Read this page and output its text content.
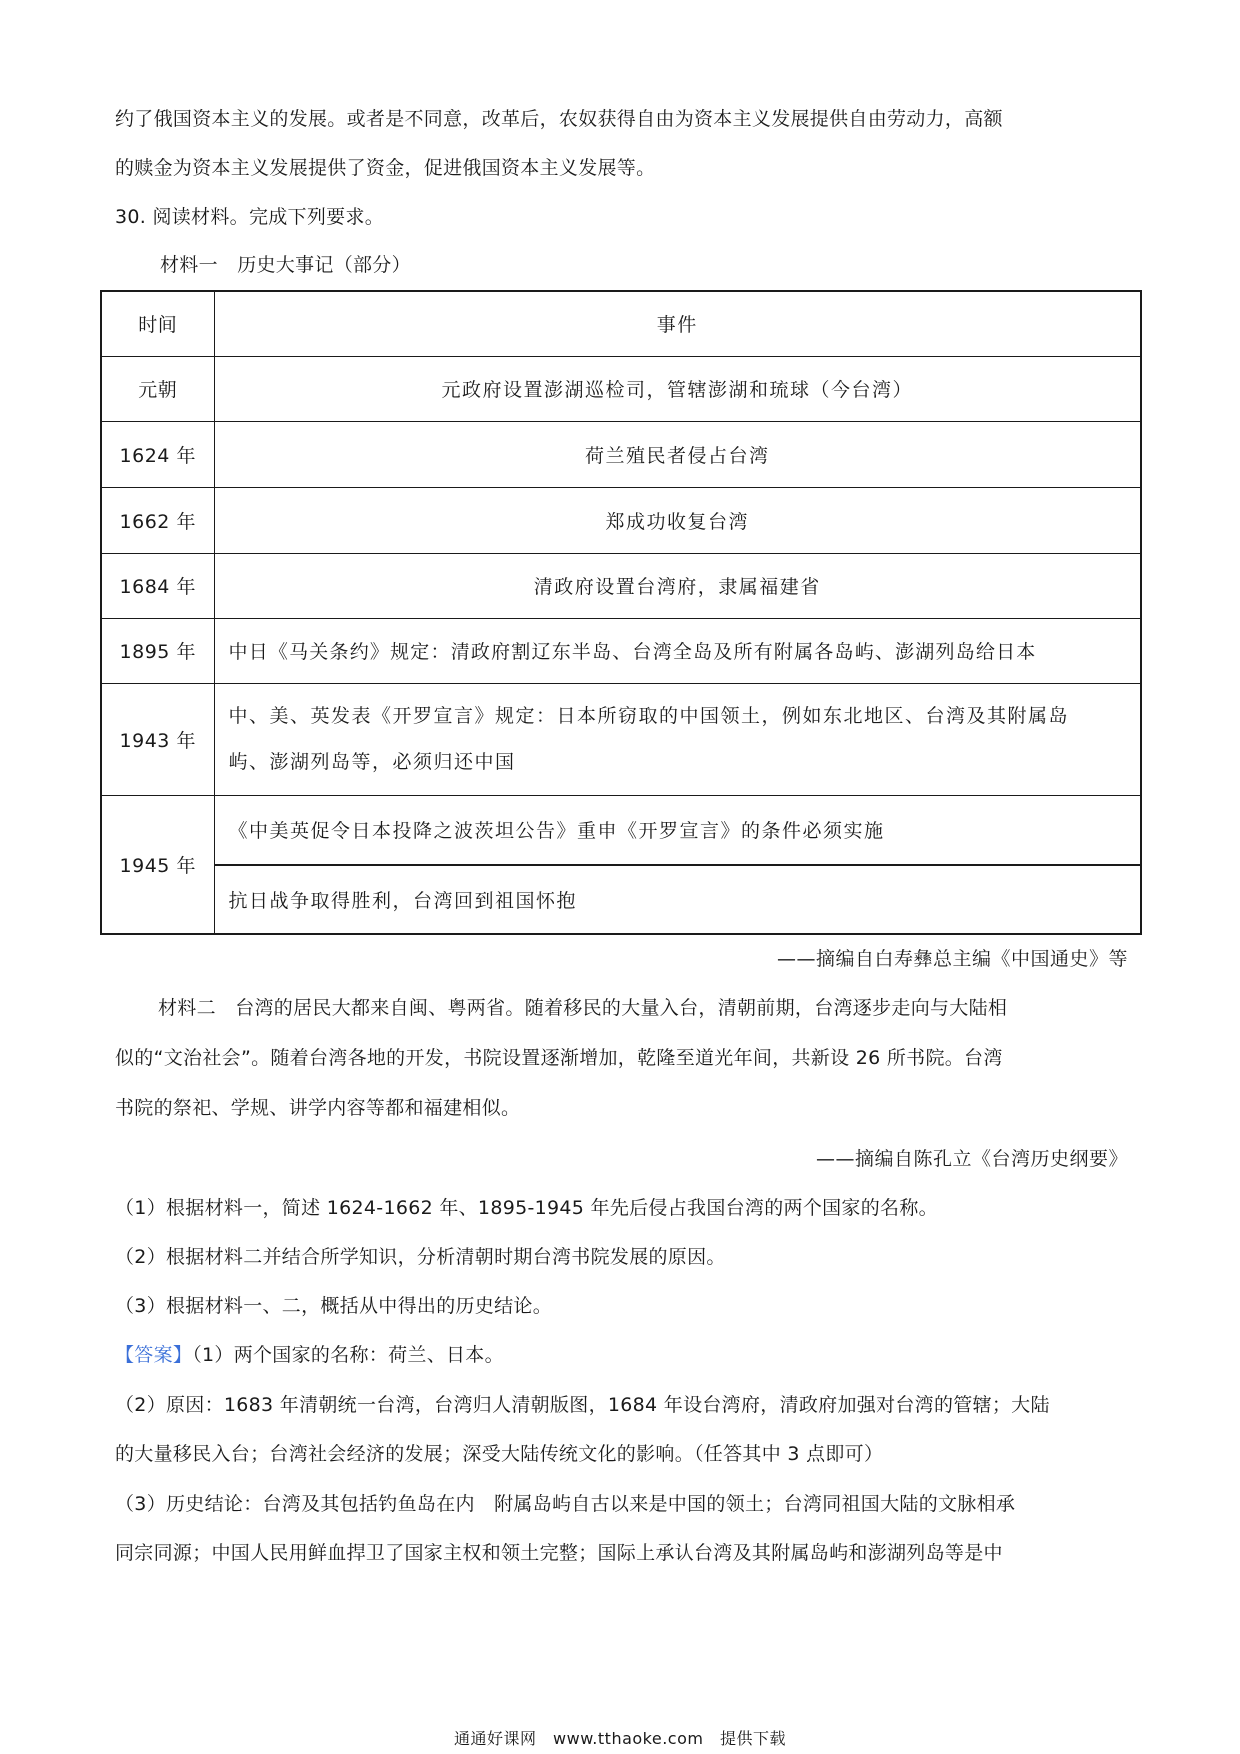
约了俄国资本主义的发展。或者是不同意，改革后，农奴获得自由为资本主义发展提供自由劳动力，高额
的赎金为资本主义发展提供了资金，促进俄国资本主义发展等。
30. 阅读材料。完成下列要求。
材料一　历史大事记（部分）
时间	事件
元朝	元政府设置澎湖巡检司，管辖澎湖和琉球（今台湾）
1624 年	荷兰殖民者侵占台湾
1662 年	郑成功收复台湾
1684 年	清政府设置台湾府，隶属福建省
1895 年	中日《马关条约》规定：清政府割辽东半岛、台湾全岛及所有附属各岛屿、澎湖列岛给日本
1943 年	中、美、英发表《开罗宣言》规定：日本所窃取的中国领土，例如东北地区、台湾及其附属岛
屿、澎湖列岛等，必须归还中国

1945 年	《中美英促令日本投降之波茨坦公告》重申《开罗宣言》的条件必须实施
	抗日战争取得胜利，台湾回到祖国怀抱
——摘编自白寿彝总主编《中国通史》等
材料二　台湾的居民大都来自闽、粤两省。随着移民的大量入台，清朝前期，台湾逐步走向与大陆相
似的“文治社会”。随着台湾各地的开发，书院设置逐渐增加，乾隆至道光年间，共新设 26 所书院。台湾
书院的祭祀、学规、讲学内容等都和福建相似。
——摘编自陈孔立《台湾历史纲要》
（1）根据材料一，简述 1624-1662 年、1895-1945 年先后侵占我国台湾的两个国家的名称。
（2）根据材料二并结合所学知识，分析清朝时期台湾书院发展的原因。
（3）根据材料一、二，概括从中得出的历史结论。
【答案】（1）两个国家的名称：荷兰、日本。
（2）原因：1683 年清朝统一台湾，台湾归人清朝版图，1684 年设台湾府，清政府加强对台湾的管辖；大陆
的大量移民入台；台湾社会经济的发展；深受大陆传统文化的影响。（任答其中 3 点即可）
（3）历史结论：台湾及其包括钓鱼岛在内　附属岛屿自古以来是中国的领土；台湾同祖国大陆的文脉相承
同宗同源；中国人民用鲜血捍卫了国家主权和领土完整；国际上承认台湾及其附属岛屿和澎湖列岛等是中
通通好课网　www.tthaoke.com　提供下载
